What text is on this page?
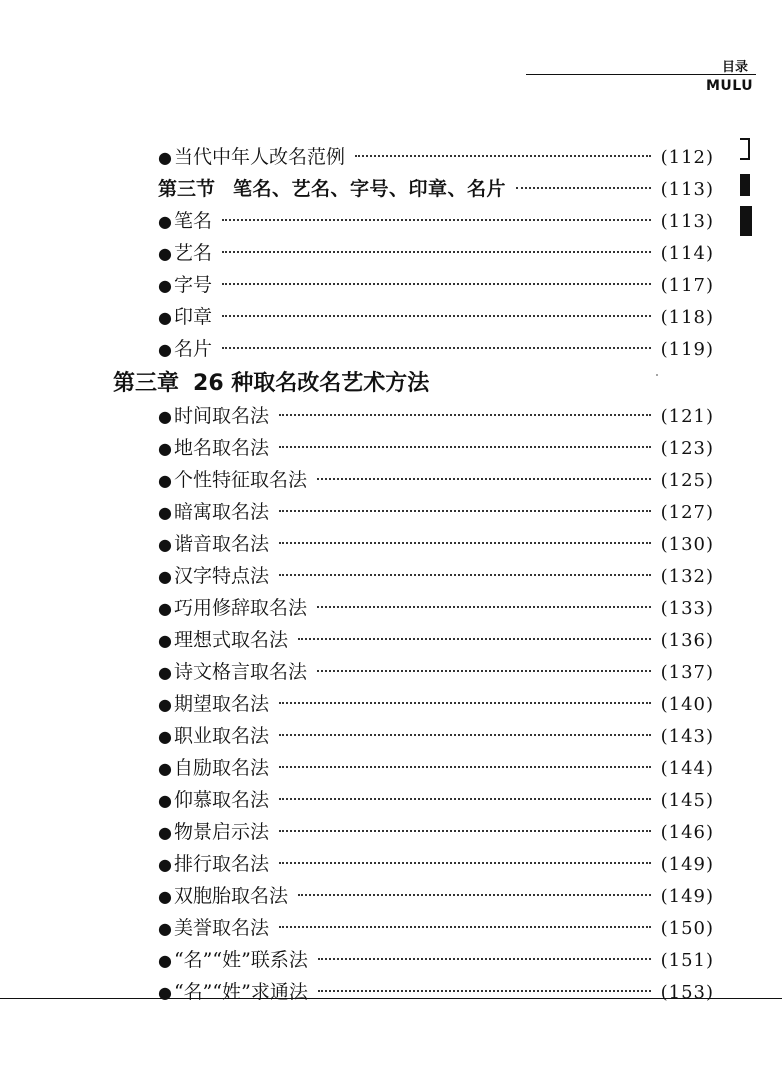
目录
MULU
● 当代中年人改名范例	(112)
第三节 笔名、艺名、字号、印章、名片	(113)
● 笔名	(113)
● 艺名	(114)
● 字号	(117)
● 印章	(118)
● 名片	(119)
第三章 26 种取名改名艺术方法
● 时间取名法	(121)
● 地名取名法	(123)
● 个性特征取名法	(125)
● 暗寓取名法	(127)
● 谐音取名法	(130)
● 汉字特点法	(132)
● 巧用修辞取名法	(133)
● 理想式取名法	(136)
● 诗文格言取名法	(137)
● 期望取名法	(140)
● 职业取名法	(143)
● 自励取名法	(144)
● 仰慕取名法	(145)
● 物景启示法	(146)
● 排行取名法	(149)
● 双胞胎取名法	(149)
● 美誉取名法	(150)
● “名”“姓”联系法	(151)
● “名”“姓”求通法	(153)
